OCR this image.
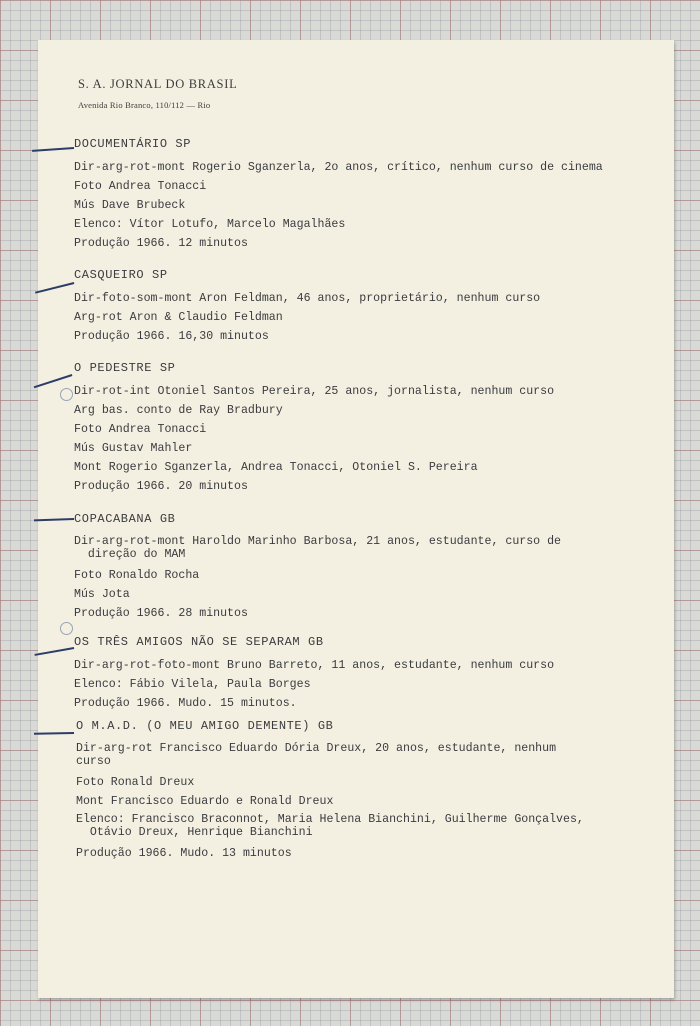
S. A. JORNAL DO BRASIL
Avenida Rio Branco, 110/112 — Rio
DOCUMENTÁRIO SP
Dir-arg-rot-mont Rogerio Sganzerla, 2o anos, crítico, nenhum curso de cinema
Foto Andrea Tonacci
Mús Dave Brubeck
Elenco: Vítor Lotufo, Marcelo Magalhães
Produção 1966. 12 minutos
CASQUEIRO SP
Dir-foto-som-mont Aron Feldman, 46 anos, proprietário, nenhum curso
Arg-rot Aron & Claudio Feldman
Produção 1966. 16,30 minutos
O PEDESTRE SP
Dir-rot-int Otoniel Santos Pereira, 25 anos, jornalista, nenhum curso
Arg bas. conto de Ray Bradbury
Foto Andrea Tonacci
Mús Gustav Mahler
Mont Rogerio Sganzerla, Andrea Tonacci, Otoniel S. Pereira
Produção 1966. 20 minutos
COPACABANA GB
Dir-arg-rot-mont Haroldo Marinho Barbosa, 21 anos, estudante, curso de
direção do MAM
Foto Ronaldo Rocha
Mús Jota
Produção 1966. 28 minutos
OS TRÊS AMIGOS NÃO SE SEPARAM GB
Dir-arg-rot-foto-mont Bruno Barreto, 11 anos, estudante, nenhum curso
Elenco: Fábio Vilela, Paula Borges
Produção 1966. Mudo. 15 minutos.
O M.A.D. (O MEU AMIGO DEMENTE) GB
Dir-arg-rot Francisco Eduardo Dória Dreux, 20 anos, estudante, nenhum
curso
Foto Ronald Dreux
Mont Francisco Eduardo e Ronald Dreux
Elenco: Francisco Braconnot, Maria Helena Bianchini, Guilherme Gonçalves,
Otávio Dreux, Henrique Bianchini
Produção 1966. Mudo. 13 minutos
